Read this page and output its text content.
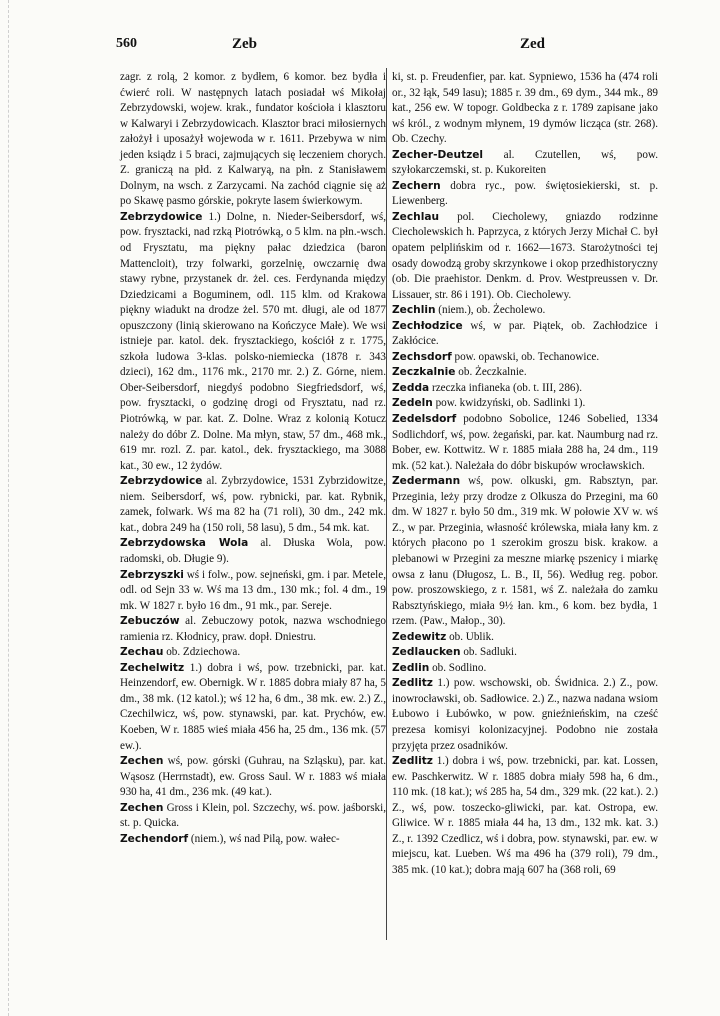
560	Zeb	Zed

zagr. z rolą, 2 komor. z bydłem, 6 komor. bez bydła i ćwierć roli. W następnych latach posiadał wś Mikołaj Zebrzydowski, wojew. krak., fundator kościoła i klasztoru w Kalwaryi i Zebrzydowicach. Klasztor braci miłosiernych założył i uposażył wojewoda w r. 1611. Przebywa w nim jeden ksiądz i 5 braci, zajmujących się leczeniem chorych. Z. graniczą na płd. z Kalwaryą, na płn. z Stanisławem Dolnym, na wsch. z Zarzycami. Na zachód ciągnie się aż po Skawę pasmo górskie, pokryte lasem świerkowym.

Zebrzydowice 1.) Dolne, n. Nieder-Seibersdorf, wś, pow. frysztacki, nad rzką Piotrówką, o 5 klm. na płn.-wsch. od Frysztatu, ma piękny pałac dziedzica (baron Mattencloit), trzy folwarki, gorzelnię, owczarnię dwa stawy rybne, przystanek dr. żel. ces. Ferdynanda między Dziedzicami a Boguminem, odl. 115 klm. od Krakowa piękny wiadukt na drodze żel. 570 mt. długi, ale od 1877 opuszczony (linią skierowano na Kończyce Małe). We wsi istnieje par. katol. dek. frysztackiego, kościół z r. 1775, szkoła ludowa 3-klas. polsko-niemiecka (1878 r. 343 dzieci), 162 dm., 1176 mk., 2170 mr. 2.) Z. Górne, niem. Ober-Seibersdorf, niegdyś podobno Siegfriedsdorf, wś, pow. frysztacki, o godzinę drogi od Frysztatu, nad rz. Piotrówką, w par. kat. Z. Dolne. Wraz z kolonią Kotucz należy do dóbr Z. Dolne. Ma młyn, staw, 57 dm., 468 mk., 619 mr. rozl. Z. par. katol., dek. frysztackiego, ma 3088 kat., 30 ew., 12 żydów.

Zebrzydowice al. Zybrzydowice, 1531 Zybrzidowitze, niem. Seibersdorf, wś, pow. rybnicki, par. kat. Rybnik, zamek, folwark. Wś ma 82 ha (71 roli), 30 dm., 242 mk. kat., dobra 249 ha (150 roli, 58 lasu), 5 dm., 54 mk. kat.

Zebrzydowska Wola al. Dłuska Wola, pow. radomski, ob. Długie 9).

Zebrzyszki wś i folw., pow. sejneński, gm. i par. Metele, odl. od Sejn 33 w. Wś ma 13 dm., 130 mk.; fol. 4 dm., 19 mk. W 1827 r. było 16 dm., 91 mk., par. Sereje.

Zebuczów al. Zebuczowy potok, nazwa wschodniego ramienia rz. Kłodnicy, praw. dopł. Dniestru.

Zechau ob. Zdziechowa.

Zechelwitz 1.) dobra i wś, pow. trzebnicki, par. kat. Heinzendorf, ew. Obernigk. W r. 1885 dobra miały 87 ha, 5 dm., 38 mk. (12 katol.); wś 12 ha, 6 dm., 38 mk. ew. 2.) Z., Czechilwicz, wś, pow. stynawski, par. kat. Prychów, ew. Koeben, W r. 1885 wieś miała 456 ha, 25 dm., 136 mk. (57 ew.).

Zechen wś, pow. górski (Guhrau, na Szląsku), par. kat. Wąsosz (Herrnstadt), ew. Gross Saul. W r. 1883 wś miała 930 ha, 41 dm., 236 mk. (49 kat.).

Zechen Gross i Klein, pol. Szczechy, wś. pow. jaśborski, st. p. Quicka.

Zechendorf (niem.), wś nad Pilą, pow. wałec-

ki, st. p. Freudenfier, par. kat. Sypniewo, 1536 ha (474 roli or., 32 łąk, 549 lasu); 1885 r. 39 dm., 69 dym., 344 mk., 89 kat., 256 ew. W topogr. Goldbecka z r. 1789 zapisane jako wś król., z wodnym młynem, 19 dymów licząca (str. 268). Ob. Czechy.

Zecher-Deutzel al. Czutellen, wś, pow. szyłokarczemski, st. p. Kukoreiten

Zechern dobra ryc., pow. świętosiekierski, st. p. Liewenberg.

Zechlau pol. Ciecholewy, gniazdo rodzinne Ciecholewskich h. Paprzyca, z których Jerzy Michał C. był opatem pelplińskim od r. 1662—1673. Starożytności tej osady dowodzą groby skrzynkowe i okop przedhistoryczny (ob. Die praehistor. Denkm. d. Prov. Westpreussen v. Dr. Lissauer, str. 86 i 191). Ob. Ciecholewy.

Zechlin (niem.), ob. Żecholewo.

Zechłodzice wś, w par. Piątek, ob. Zachłodzice i Zakłócice.

Zechsdorf pow. opawski, ob. Techanowice.

Zeczkalnie ob. Żeczkalnie.

Zedda rzeczka infianeka (ob. t. III, 286).

Zedeln pow. kwidzyński, ob. Sadlinki 1).

Zedelsdorf podobno Sobolice, 1246 Sobelied, 1334 Sodlichdorf, wś, pow. żegański, par. kat. Naumburg nad rz. Bober, ew. Kottwitz. W r. 1885 miała 288 ha, 24 dm., 119 mk. (52 kat.). Należała do dóbr biskupów wrocławskich.

Zedermann wś, pow. olkuski, gm. Rabsztyn, par. Przeginia, leży przy drodze z Olkusza do Przegini, ma 60 dm. W 1827 r. było 50 dm., 319 mk. W połowie XV w. wś Z., w par. Przeginia, własność królewska, miała łany km. z których płacono po 1 szerokim groszu bisk. krakow. a plebanowi w Przegini za meszne miarkę pszenicy i miarkę owsa z łanu (Długosz, L. B., II, 56). Według reg. pobor. pow. proszowskiego, z r. 1581, wś Z. należała do zamku Rabsztyńskiego, miała 9½ łan. km., 6 kom. bez bydła, 1 rzem. (Paw., Małop., 30).

Zedewitz ob. Ublik.

Zedlaucken ob. Sadluki.

Zedlin ob. Sodlino.

Zedlitz 1.) pow. wschowski, ob. Świdnica. 2.) Z., pow. inowrocławski, ob. Sadłowice. 2.) Z., nazwa nadana wsiom Łubowo i Łubówko, w pow. gnieźnieńskim, na cześć prezesa komisyi kolonizacyjnej. Podobno nie została przyjęta przez osadników.

Zedlitz 1.) dobra i wś, pow. trzebnicki, par. kat. Lossen, ew. Paschkerwitz. W r. 1885 dobra miały 598 ha, 6 dm., 110 mk. (18 kat.); wś 285 ha, 54 dm., 329 mk. (22 kat.). 2.) Z., wś, pow. toszecko-gliwicki, par. kat. Ostropa, ew. Gliwice. W r. 1885 miała 44 ha, 13 dm., 132 mk. kat. 3.) Z., r. 1392 Czedlicz, wś i dobra, pow. stynawski, par. ew. w miejscu, kat. Lueben. Wś ma 496 ha (379 roli), 79 dm., 385 mk. (10 kat.); dobra mają 607 ha (368 roli, 69
